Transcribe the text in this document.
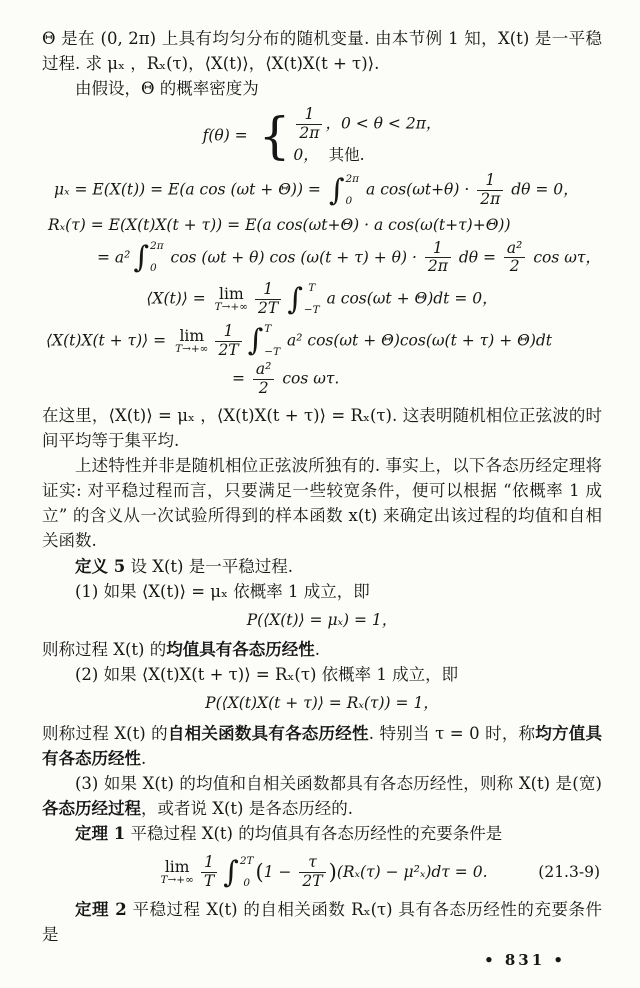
Θ 是在 (0, 2π) 上具有均匀分布的随机变量. 由本节例 1 知，X(t) 是一平稳过程. 求 μₓ ，Rₓ(τ)，⟨X(t)⟩，⟨X(t)X(t + τ)⟩.

由假设，Θ 的概率密度为

f(θ) = { $\frac{1}{2\pi}$ ，0 < θ < 2π，
0， 其他.
μₓ = E(X(t)) = E(a cos (ωt + Θ)) = ∫ 2π
0
a $\cos(\omega t+\theta) \cdot \frac{1}{2\pi}$ dθ = 0，
Rₓ(τ) = E(X(t)X(t + τ)) = E(a cos(ωt+Θ) · a cos(ω(t+τ)+Θ))
= a² ∫ 2π
0
cos (ωt + θ) $\cos (\omega(t + \tau) + \theta) \cdot \frac{1}{2\pi}$ $d\theta = \frac{\text{a²}}{2}$ cos ωτ，
⟨X(t)⟩ = lim
$T\to+\infty \frac{1}{2T}$ ∫ T
−T
a cos(ωt + Θ)dt = 0，
⟨X(t)X(t + τ)⟩ = lim
$T\to+\infty \frac{1}{2T}$ ∫ T
−T
a² cos(ωt + Θ)cos(ω(t + τ) + Θ)dt
= $\frac{\text{a²}}{2}$ cos ωτ.

在这里，⟨X(t)⟩ = μₓ ，⟨X(t)X(t + τ)⟩ = Rₓ(τ). 这表明随机相位正弦波的时间平均等于集平均.

上述特性并非是随机相位正弦波所独有的. 事实上，以下各态历经定理将证实: 对平稳过程而言，只要满足一些较宽条件，便可以根据 “依概率 1 成立” 的含义从一次试验所得到的样本函数 x(t) 来确定出该过程的均值和自相关函数.

定义 5 设 X(t) 是一平稳过程.

(1) 如果 ⟨X(t)⟩ = μₓ 依概率 1 成立，即

P(⟨X(t)⟩ = μₓ) = 1，

则称过程 X(t) 的均值具有各态历经性.

(2) 如果 ⟨X(t)X(t + τ)⟩ = Rₓ(τ) 依概率 1 成立，即

P(⟨X(t)X(t + τ)⟩ = Rₓ(τ)) = 1，

则称过程 X(t) 的自相关函数具有各态历经性. 特别当 τ = 0 时，称均方值具有各态历经性.

(3) 如果 X(t) 的均值和自相关函数都具有各态历经性，则称 X(t) 是(宽)各态历经过程，或者说 X(t) 是各态历经的.

定理 1 平稳过程 X(t) 的均值具有各态历经性的充要条件是

lim
$T\to+\infty \frac{1}{T}$ ∫ 2T
0 $(1 - \frac{\tau}{2T} )(R_x(\tau) - \mu^2_x)d\tau = 0$.	(21.3-9)

定理 2 平稳过程 X(t) 的自相关函数 Rₓ(τ) 具有各态历经性的充要条件是

• 831 •
